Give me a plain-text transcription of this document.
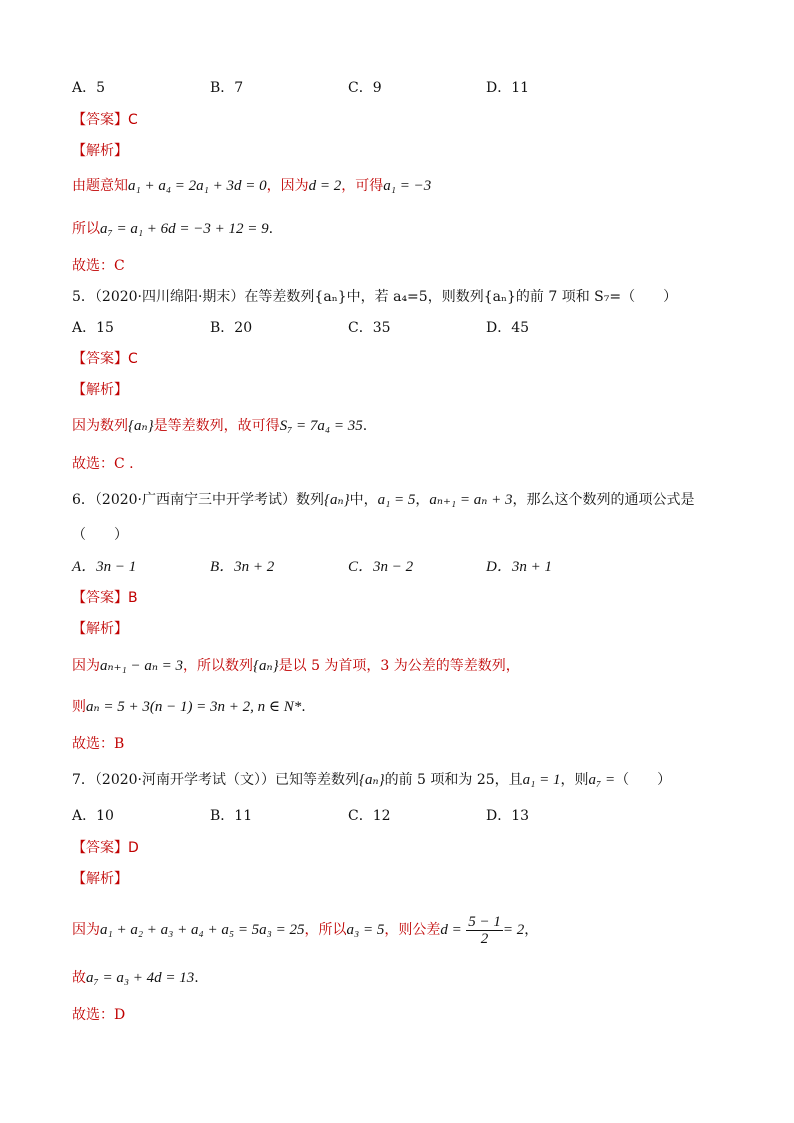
A．5	B．7	C．9	D．11
【答案】C
【解析】
由题意知a₁ + a₄ = 2a₁ + 3d = 0，因为d = 2，可得a₁ = −3
所以a₇ = a₁ + 6d = −3 + 12 = 9.
故选：C
5．（2020·四川绵阳·期末）在等差数列{aₙ}中，若 a₄=5，则数列{aₙ}的前 7 项和 S₇=（　　）
A．15	B．20	C．35	D．45
【答案】C
【解析】
因为数列{aₙ}是等差数列，故可得S₇ = 7a₄ = 35.
故选：C .
6．（2020·广西南宁三中开学考试）数列{aₙ}中，a₁ = 5，aₙ₊₁ = aₙ + 3，那么这个数列的通项公式是
（　　）
A．3n − 1	B．3n + 2	C．3n − 2	D．3n + 1
【答案】B
【解析】
因为aₙ₊₁ − aₙ = 3，所以数列{aₙ}是以 5 为首项，3 为公差的等差数列，
则aₙ = 5 + 3(n − 1) = 3n + 2, n ∈ N*.
故选：B
7．（2020·河南开学考试（文））已知等差数列{aₙ}的前 5 项和为 25，且a₁ = 1，则a₇ =（　　）
A．10	B．11	C．12	D．13
【答案】D
【解析】
因为a₁ + a₂ + a₃ + a₄ + a₅ = 5a₃ = 25，所以a₃ = 5，则公差$d = \frac{5 - 1}{2} = 2$，
故a₇ = a₃ + 4d = 13.
故选：D
